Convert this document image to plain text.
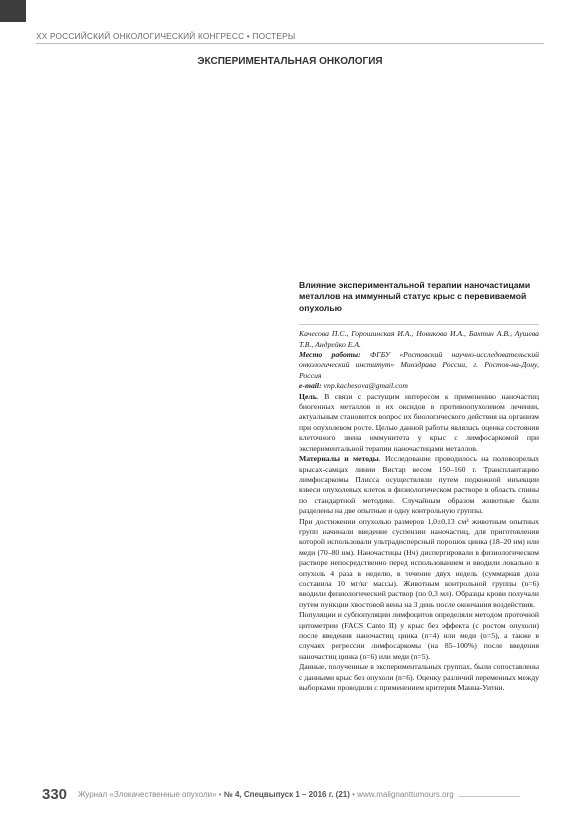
XX РОССИЙСКИЙ ОНКОЛОГИЧЕСКИЙ КОНГРЕСС • ПОСТЕРЫ
ЭКСПЕРИМЕНТАЛЬНАЯ ОНКОЛОГИЯ
Влияние экспериментальной терапии наночастицами металлов на иммунный статус крыс с перевиваемой опухолью

Качесова П.С., Горошинская И.А., Новикова И.А., Бахтин А.В., Аушева Т.В., Андрейко Е.А.

Место работы: ФГБУ «Ростовский научно-исследовательский онкологический институт» Минздрава России, г. Ростов-на-Дону, Россия

e-mail: vnp.kachesova@gmail.com

Цель. В связи с растущим интересом к применению наночастиц биогенных металлов и их оксидов в противоопухолевом лечении, актуальным становится вопрос их биологического действия на организм при опухолевом росте. Целью данной работы являлась оценка состояния клеточного звена иммунитета у крыс с лимфосаркомой при экспериментальной терапии наночастицами металлов.

Материалы и методы. Исследование проводилось на половозрелых крысах-самцах линии Вистар весом 150–160 г. Трансплантацию лимфосаркомы Плисса осуществляли путем подкожной инъекции взвеси опухолевых клеток в физиологическом растворе в область спины по стандартной методике. Случайным образом животные были разделены на две опытные и одну контрольную группы.

При достижении опухолью размеров 1,0±0,13 см³ животным опытных групп начинали введение суспензии наночастиц, для приготовления которой использовали ультрадисперсный порошок цинка (18–20 нм) или меди (70–80 нм). Наночастицы (Нч) диспергировали в физиологическом растворе непосредственно перед использованием и вводили локально в опухоль 4 раза в неделю, в течение двух недель (суммарная доза составила 10 мг/кг массы). Животным контрольной группы (n=6) вводили физиологический раствор (по 0,3 мл). Образцы крови получали путем пункции хвостовой вены на 3 день после окончания воздействия.

Популяции и субпопуляции лимфоцитов определяли методом проточной цитометрии (FACS Canto II) у крыс без эффекта (с ростом опухоли) после введения наночастиц цинка (n=4) или меди (n=5), а также в случаях регрессии лимфосаркомы (на 85–100%) после введения наночастиц цинка (n=6) или меди (n=5).

Данные, полученные в экспериментальных группах, были сопоставлены с данными крыс без опухоли (n=6). Оценку различий переменных между выборками проводили с применением критерия Манна-Уитни.

330	Журнал «Злокачественные опухоли» • № 4, Спецвыпуск 1 – 2016 г. (21) • www.malignanttumours.org
